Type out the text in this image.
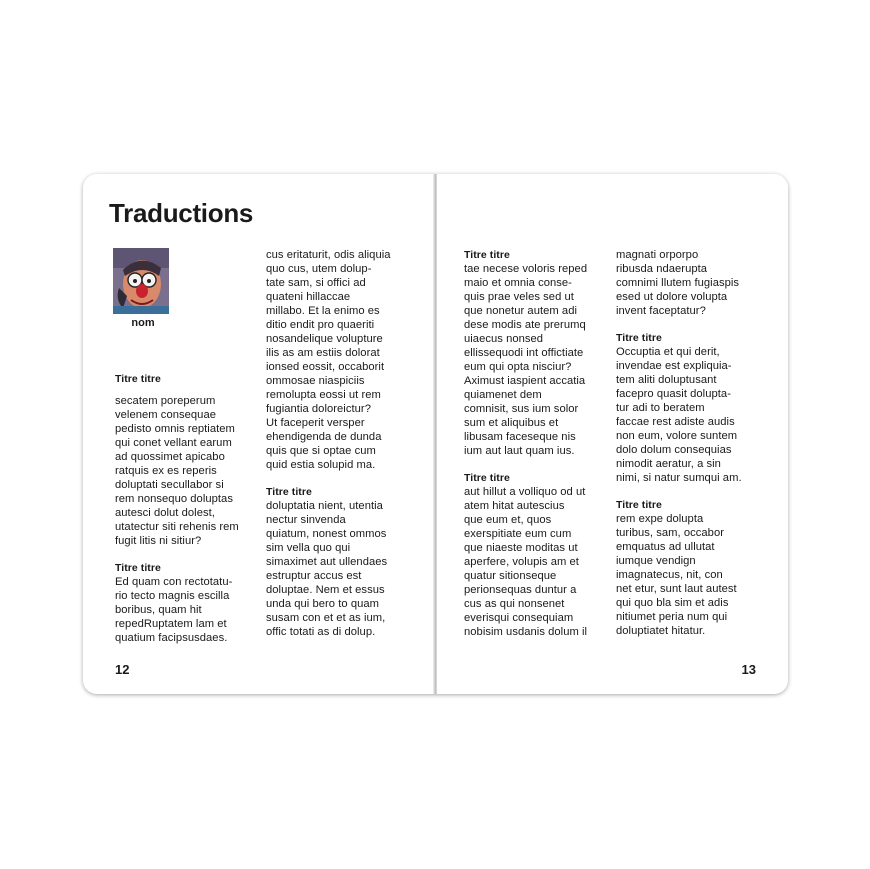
Traductions
nom
Titre titre

secatem poreperum
velenem consequae
pedisto omnis reptiatem
qui conet vellant earum
ad quossimet apicabo
ratquis ex es reperis
doluptati secullabor si
rem nonsequo doluptas
autesci dolut dolest,
utatectur siti rehenis rem
fugit litis ni sitiur?

Titre titre

Ed quam con rectotatu-
rio tecto magnis escilla
boribus, quam hit
repedRuptatem lam et
quatium facipsusdaes.

cus eritaturit, odis aliquia
quo cus, utem dolup-
tate sam, si offici ad
quateni hillaccae
millabo. Et la enimo es
ditio endit pro quaeriti
nosandelique volupture
ilis as am estiis dolorat
ionsed eossit, occaborit
ommosae niaspiciis
remolupta eossi ut rem
fugiantia doloreictur?
Ut faceperit versper
ehendigenda de dunda
quis que si optae cum
quid estia solupid ma.

Titre titre

doluptatia nient, utentia
nectur sinvenda
quiatum, nonest ommos
sim vella quo qui
simaximet aut ullendaes
estruptur accus est
doluptae. Nem et essus
unda qui bero to quam
susam con et et as ium,
offic totati as di dolup.

12
Titre titre

tae necese voloris reped
maio et omnia conse-
quis prae veles sed ut
que nonetur autem adi
dese modis ate prerumq
uiaecus nonsed
ellissequodi int offictiate
eum qui opta nisciur?
Aximust iaspient accatia
quiamenet dem
comnisit, sus ium solor
sum et aliquibus et
libusam faceseque nis
ium aut laut quam ius.

Titre titre

aut hillut a volliquo od ut
atem hitat autescius
que eum et, quos
exerspitiate eum cum
que niaeste moditas ut
aperfere, volupis am et
quatur sitionseque
perionsequas duntur a
cus as qui nonsenet
everisqui consequiam
nobisim usdanis dolum il

magnati orporpo
ribusda ndaerupta
comnimi llutem fugiaspis
esed ut dolore volupta
invent faceptatur?

Titre titre

Occuptia et qui derit,
invendae est expliquia-
tem aliti doluptusant
facepro quasit dolupta-
tur adi to beratem
faccae rest adiste audis
non eum, volore suntem
dolo dolum consequias
nimodit aeratur, a sin
nimi, si natur sumqui am.

Titre titre

rem expe dolupta
turibus, sam, occabor
emquatus ad ullutat
iumque vendign
imagnatecus, nit, con
net etur, sunt laut autest
qui quo bla sim et adis
nitiumet peria num qui
doluptiatet hitatur.

13
